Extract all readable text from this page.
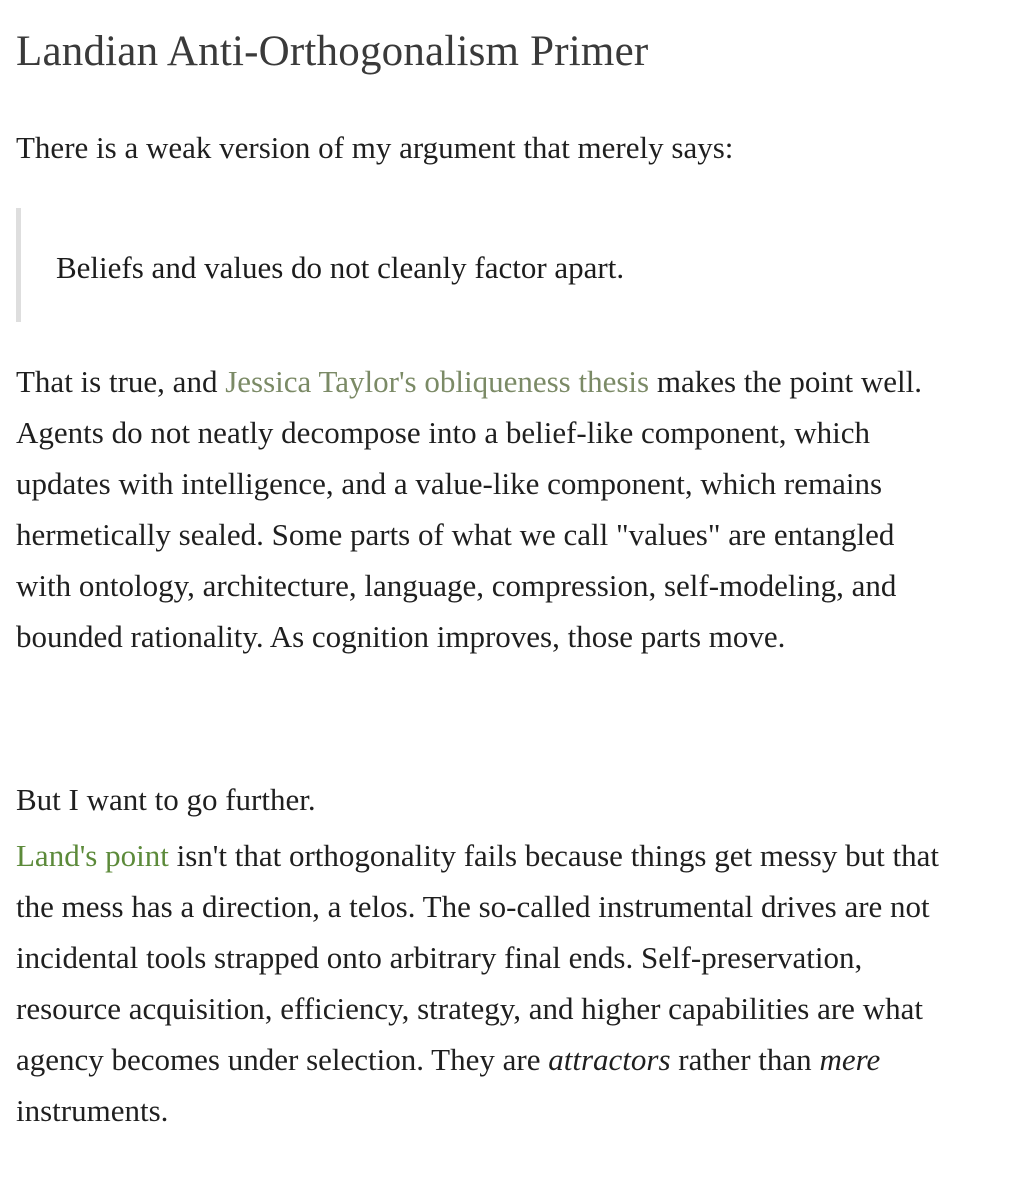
Landian Anti-Orthogonalism Primer

There is a weak version of my argument that merely says:

Beliefs and values do not cleanly factor apart.

That is true, and Jessica Taylor's obliqueness thesis makes the point well. Agents do not neatly decompose into a belief-like component, which updates with intelligence, and a value-like component, which remains hermetically sealed. Some parts of what we call "values" are entangled with ontology, architecture, language, compression, self-modeling, and bounded rationality. As cognition improves, those parts move.

But I want to go further.

Land's point isn't that orthogonality fails because things get messy but that the mess has a direction, a telos. The so-called instrumental drives are not incidental tools strapped onto arbitrary final ends. Self-preservation, resource acquisition, efficiency, strategy, and higher capabilities are what agency becomes under selection. They are attractors rather than mere instruments.
